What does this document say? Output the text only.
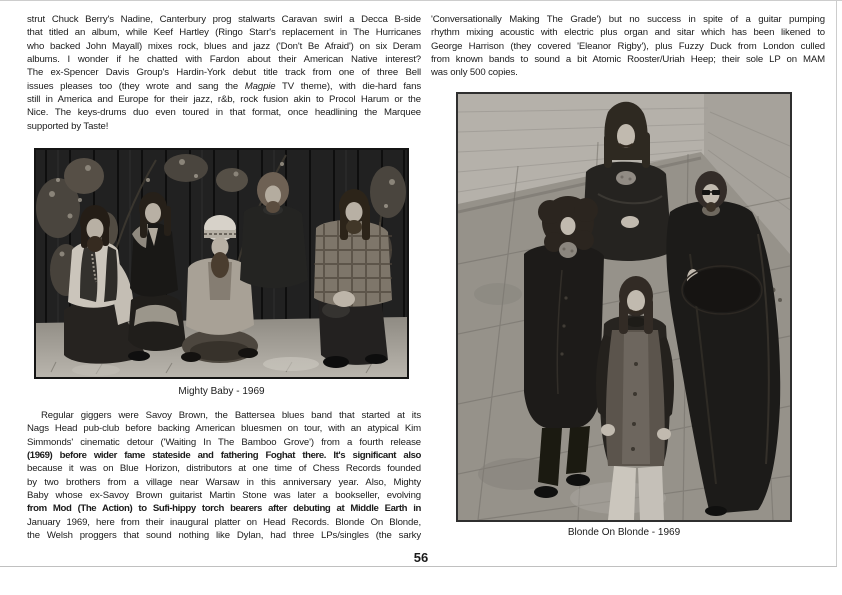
strut Chuck Berry's Nadine, Canterbury prog stalwarts Caravan swirl a Decca B-side
that titled an album, while Keef Hartley (Ringo Starr's replacement in The Hurricanes
who backed John Mayall) mixes rock, blues and jazz ('Don't Be Afraid') on six Deram
albums. I wonder if he chatted with Fardon about their American Native interest?
The ex-Spencer Davis Group's Hardin-York debut title track from one of three Bell
issues pleases too (they wrote and sang the Magpie TV theme), with die-hard fans
still in America and Europe for their jazz, r&b, rock fusion akin to Procol Harum or the
Nice. The keys-drums duo even toured in that format, once headlining the Marquee
supported by Taste!
Mighty Baby - 1969
Regular giggers were Savoy Brown, the Battersea blues band that started at its
Nags Head pub-club before backing American bluesmen on tour, with an atypical Kim
Simmonds' cinematic detour ('Waiting In The Bamboo Grove') from a fourth release
(1969) before wider fame stateside and fathering Foghat there. It's significant also
because it was on Blue Horizon, distributors at one time of Chess Records founded
by two brothers from a village near Warsaw in this anniversary year. Also, Mighty
Baby whose ex-Savoy Brown guitarist Martin Stone was later a bookseller, evolving
from Mod (The Action) to Sufi-hippy torch bearers after debuting at Middle Earth in
January 1969, here from their inaugural platter on Head Records. Blonde On Blonde,
the Welsh proggers that sound nothing like Dylan, had three LPs/singles (the sarky
'Conversationally Making The Grade') but no success in spite of a guitar pumping
rhythm mixing acoustic with electric plus organ and sitar which has been likened to
George Harrison (they covered 'Eleanor Rigby'), plus Fuzzy Duck from London culled
from known bands to sound a bit Atomic Rooster/Uriah Heep; their sole LP on MAM
was only 500 copies.
Blonde On Blonde - 1969
56
